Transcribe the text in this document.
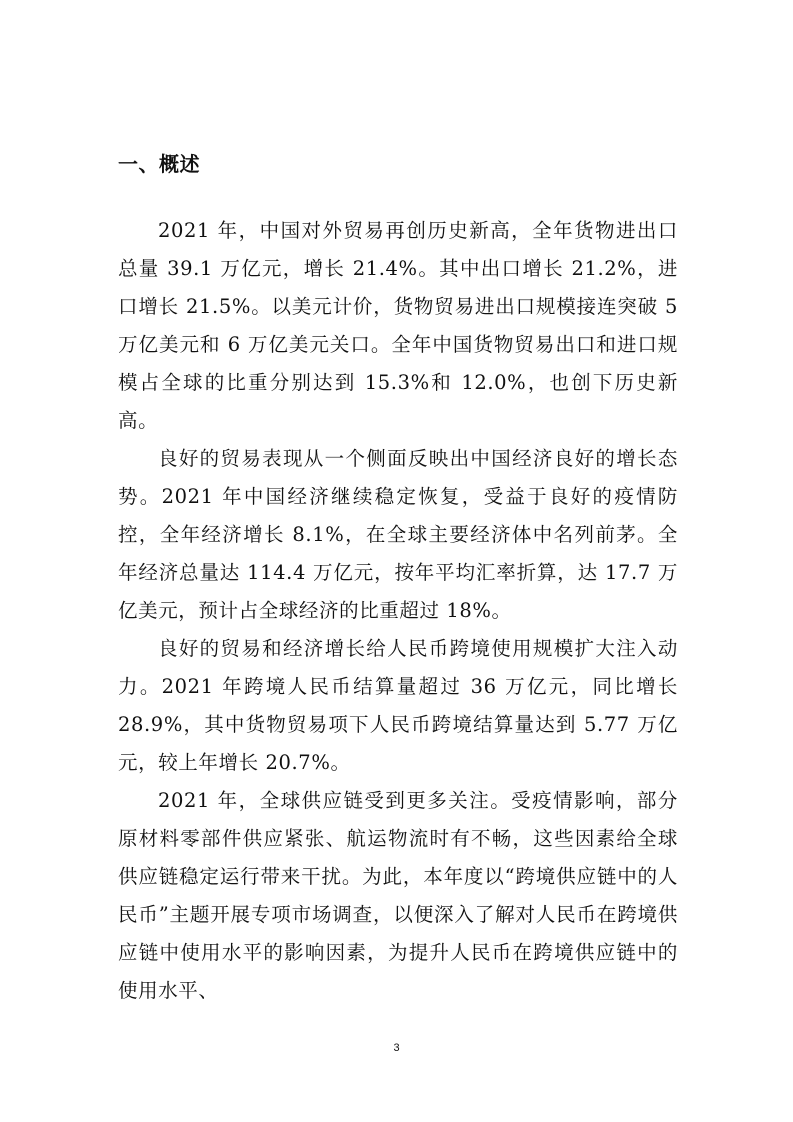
一、概述

2021 年，中国对外贸易再创历史新高，全年货物进出口总量 39.1 万亿元，增长 21.4%。其中出口增长 21.2%，进口增长 21.5%。以美元计价，货物贸易进出口规模接连突破 5 万亿美元和 6 万亿美元关口。全年中国货物贸易出口和进口规模占全球的比重分别达到 15.3%和 12.0%，也创下历史新高。

良好的贸易表现从一个侧面反映出中国经济良好的增长态势。2021 年中国经济继续稳定恢复，受益于良好的疫情防控，全年经济增长 8.1%，在全球主要经济体中名列前茅。全年经济总量达 114.4 万亿元，按年平均汇率折算，达 17.7 万亿美元，预计占全球经济的比重超过 18%。

良好的贸易和经济增长给人民币跨境使用规模扩大注入动力。2021 年跨境人民币结算量超过 36 万亿元，同比增长 28.9%，其中货物贸易项下人民币跨境结算量达到 5.77 万亿元，较上年增长 20.7%。

2021 年，全球供应链受到更多关注。受疫情影响，部分原材料零部件供应紧张、航运物流时有不畅，这些因素给全球供应链稳定运行带来干扰。为此，本年度以“跨境供应链中的人民币”主题开展专项市场调查，以便深入了解对人民币在跨境供应链中使用水平的影响因素，为提升人民币在跨境供应链中的使用水平、

3
